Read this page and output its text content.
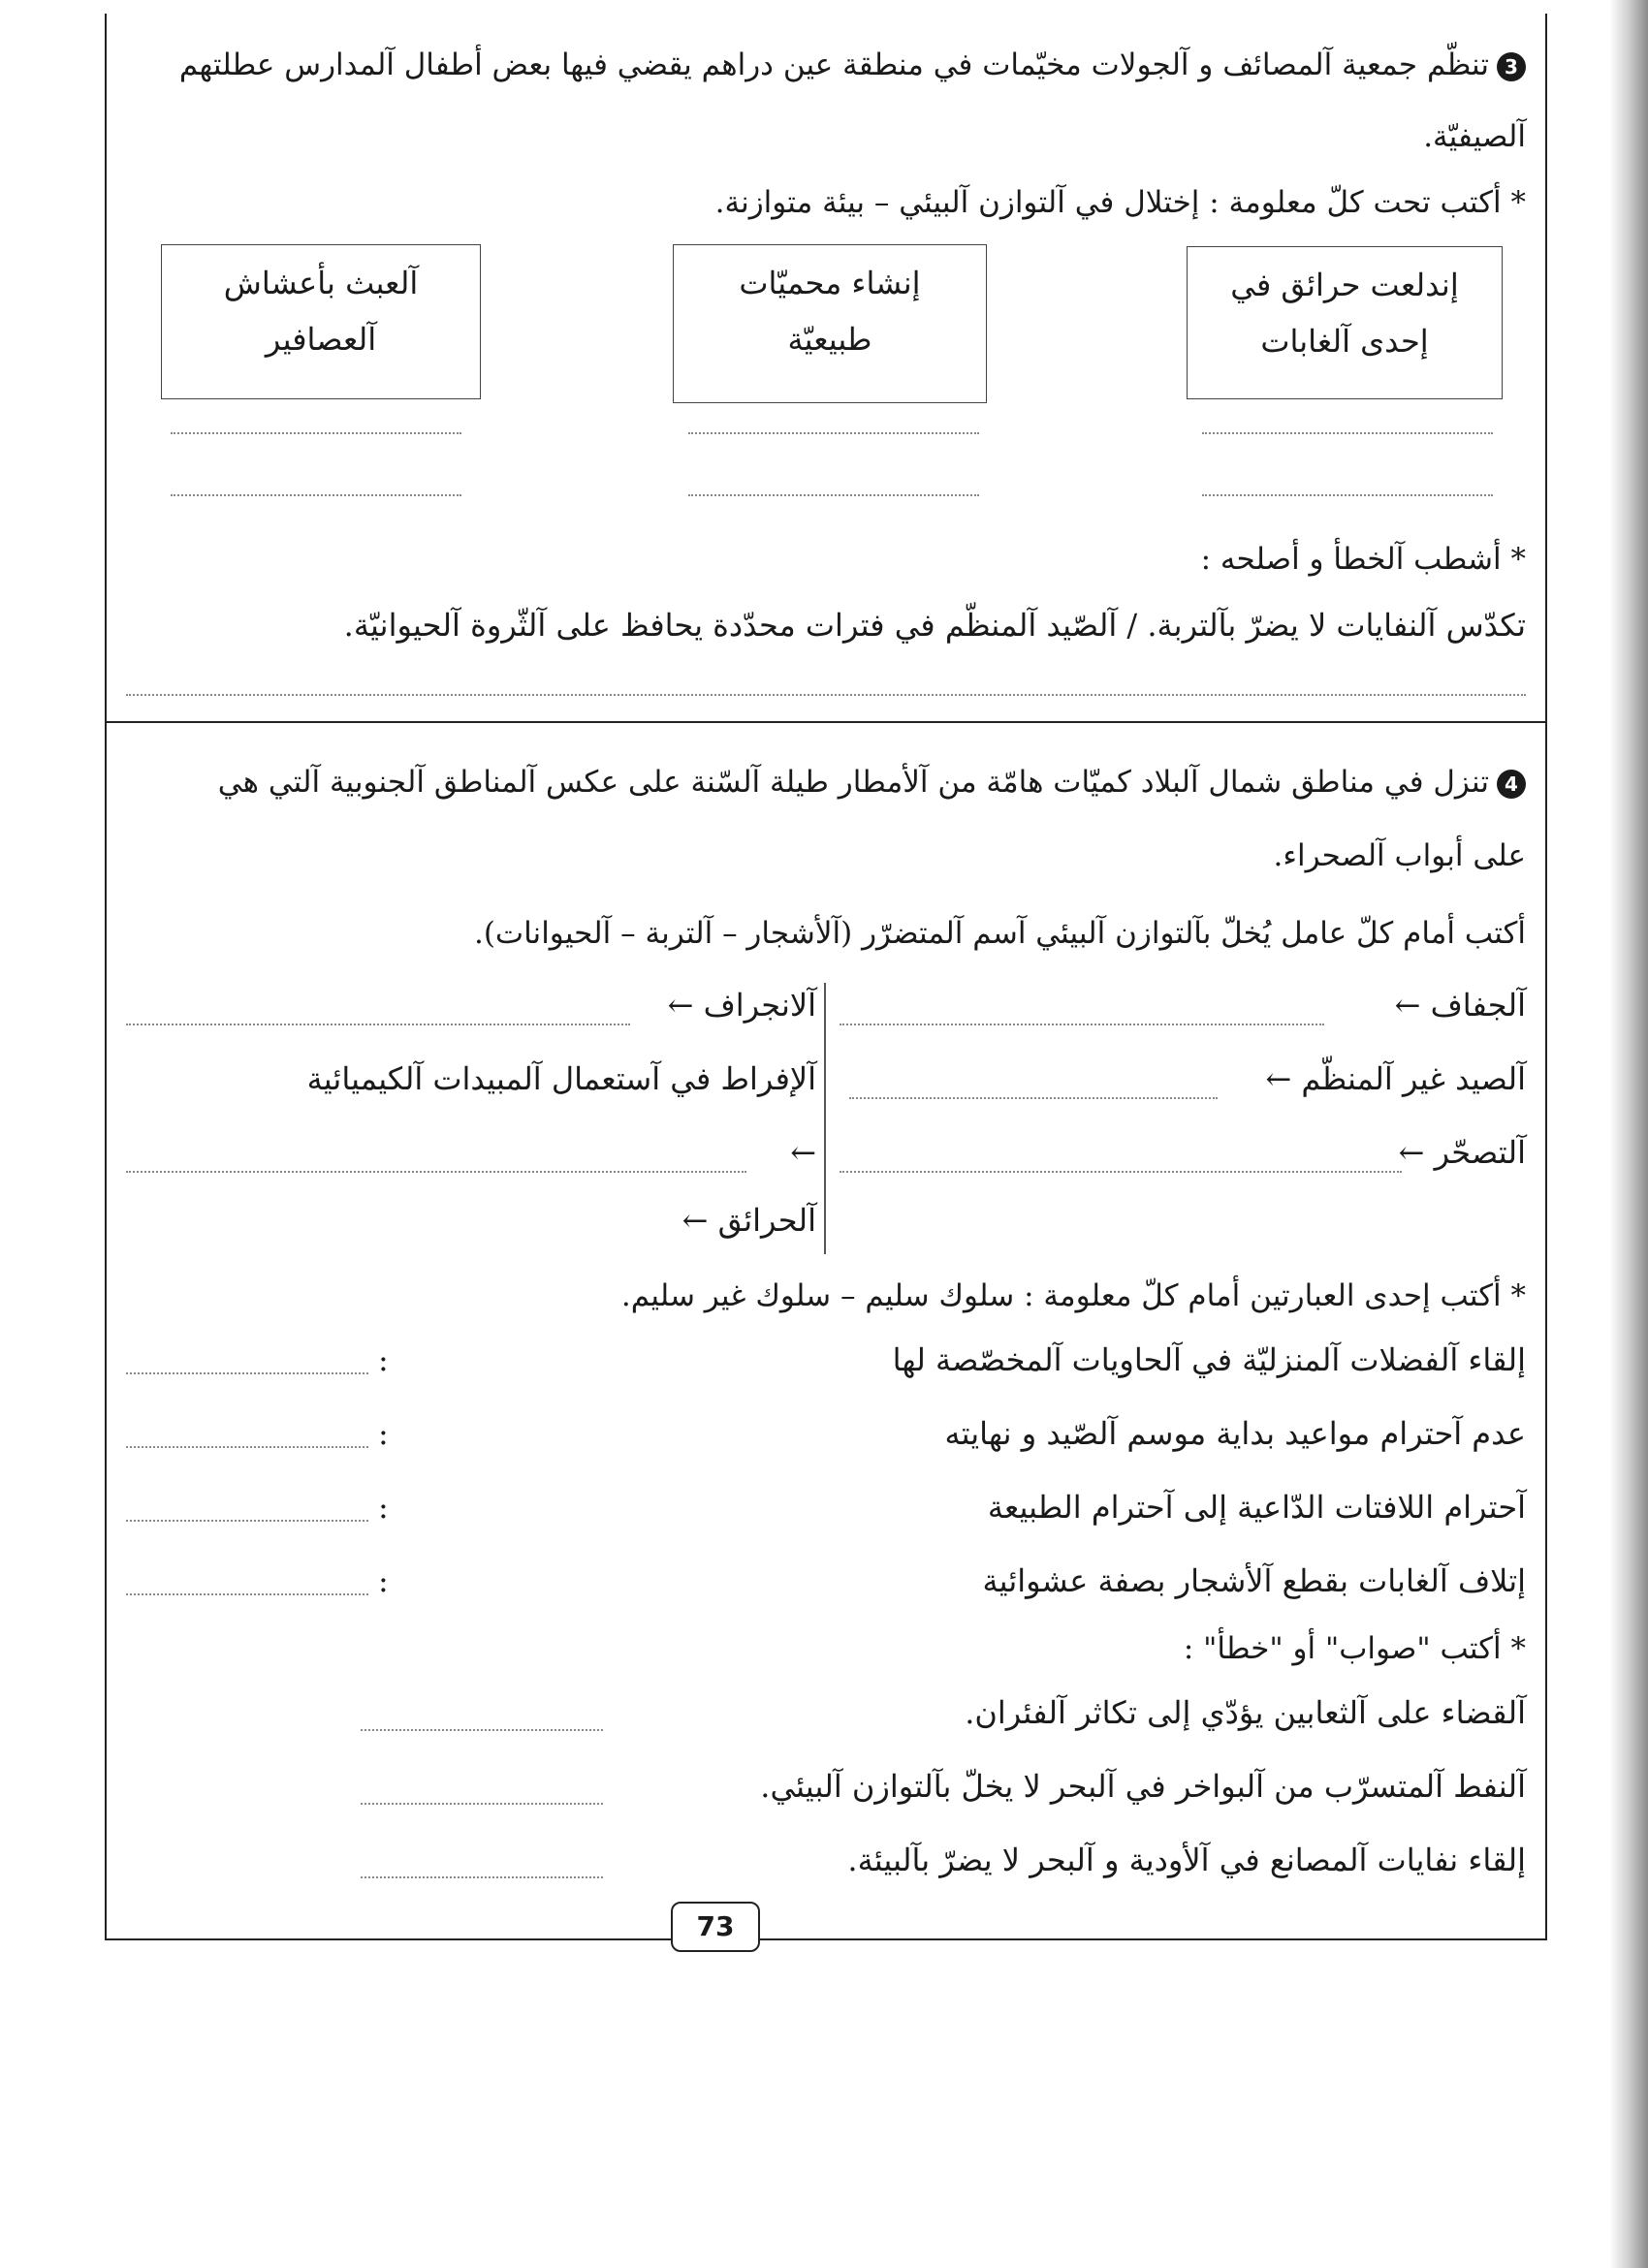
3تنظّم جمعية آلمصائف و آلجولات مخيّمات في منطقة عين دراهم يقضي فيها بعض أطفال آلمدارس عطلتهم
آلصيفيّة.
* أكتب تحت كلّ معلومة : إختلال في آلتوازن آلبيئي – بيئة متوازنة.
إندلعت حرائق في
إحدى آلغابات
إنشاء محميّات
طبيعيّة
آلعبث بأعشاش
آلعصافير
* أشطب آلخطأ و أصلحه :
تكدّس آلنفايات لا يضرّ بآلتربة. / آلصّيد آلمنظّم في فترات محدّدة يحافظ على آلثّروة آلحيوانيّة.
4تنزل في مناطق شمال آلبلاد كميّات هامّة من آلأمطار طيلة آلسّنة على عكس آلمناطق آلجنوبية آلتي هي
على أبواب آلصحراء.
أكتب أمام كلّ عامل يُخلّ بآلتوازن آلبيئي آسم آلمتضرّر (آلأشجار – آلتربة – آلحيوانات).
آلجفاف ←
آلصيد غير آلمنظّم ←
آلتصحّر ←
آلانجراف ←
آلإفراط في آستعمال آلمبيدات آلكيميائية
←
آلحرائق ←
* أكتب إحدى العبارتين أمام كلّ معلومة : سلوك سليم – سلوك غير سليم.
إلقاء آلفضلات آلمنزليّة في آلحاويات آلمخصّصة لها
:
عدم آحترام مواعيد بداية موسم آلصّيد و نهايته
:
آحترام اللافتات الدّاعية إلى آحترام الطبيعة
:
إتلاف آلغابات بقطع آلأشجار بصفة عشوائية
:
* أكتب "صواب" أو "خطأ" :
آلقضاء على آلثعابين يؤدّي إلى تكاثر آلفئران.
آلنفط آلمتسرّب من آلبواخر في آلبحر لا يخلّ بآلتوازن آلبيئي.
إلقاء نفايات آلمصانع في آلأودية و آلبحر لا يضرّ بآلبيئة.
73
